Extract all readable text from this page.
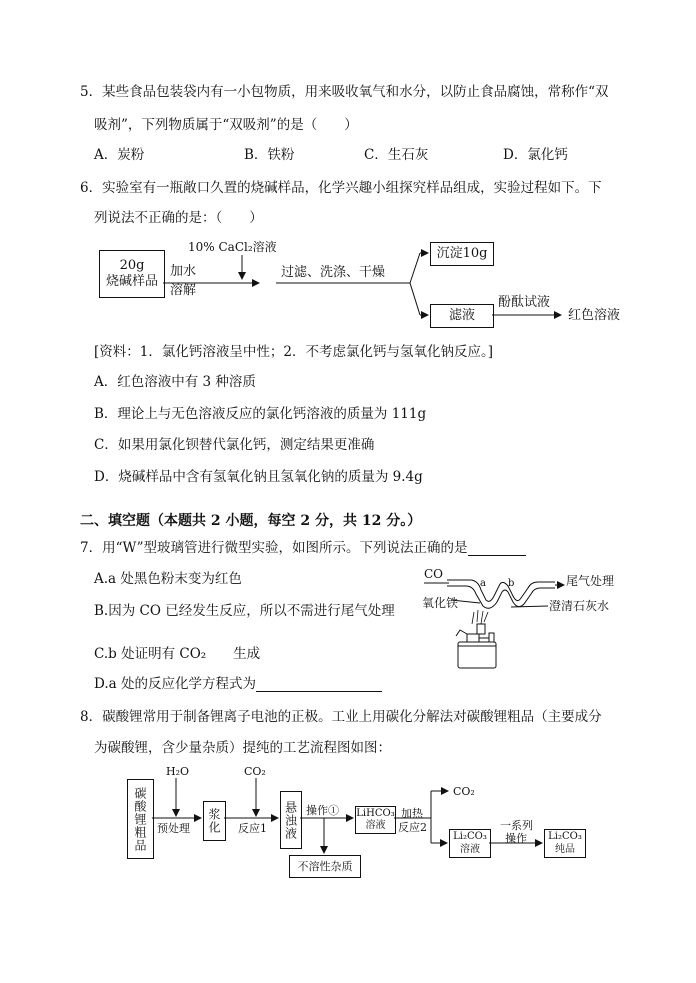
5．某些食品包装袋内有一小包物质，用来吸收氧气和水分，以防止食品腐蚀，常称作“双
吸剂”，下列物质属于“双吸剂”的是（　　）
A．炭粉	B．铁粉	C．生石灰	D．氯化钙
6．实验室有一瓶敞口久置的烧碱样品，化学兴趣小组探究样品组成，实验过程如下。下
列说法不正确的是：（　　）
20g
烧碱样品
10% CaCl₂溶液
加水
溶解
过滤、洗涤、干燥
沉淀10g
滤液
酚酞试液
红色溶液
[资料：1．氯化钙溶液呈中性；2．不考虑氯化钙与氢氧化钠反应。]
A．红色溶液中有 3 种溶质
B．理论上与无色溶液反应的氯化钙溶液的质量为 111g
C．如果用氯化钡替代氯化钙，测定结果更准确
D．烧碱样品中含有氢氧化钠且氢氧化钠的质量为 9.4g
二、填空题（本题共 2 小题，每空 2 分，共 12 分。）
7．用“W”型玻璃管进行微型实验，如图所示。下列说法正确的是
A.a 处黑色粉末变为红色
B.因为 CO 已经发生反应，所以不需进行尾气处理
C.b 处证明有 CO₂　　生成
D.a 处的反应化学方程式为
CO
a b	尾气处理
氧化铁	澄清石灰水
8．碳酸锂常用于制备锂离子电池的正极。工业上用碳化分解法对碳酸锂粗品（主要成分
为碳酸锂，含少量杂质）提纯的工艺流程图如图：
碳酸锂粗品
H₂O
预处理	浆化
CO₂
反应1 悬浊液 操作① LiHCO₃
溶液
不溶性杂质
加热
反应2
CO₂
Li₂CO₃
溶液
一系列
操作 Li₂CO₃
纯品
